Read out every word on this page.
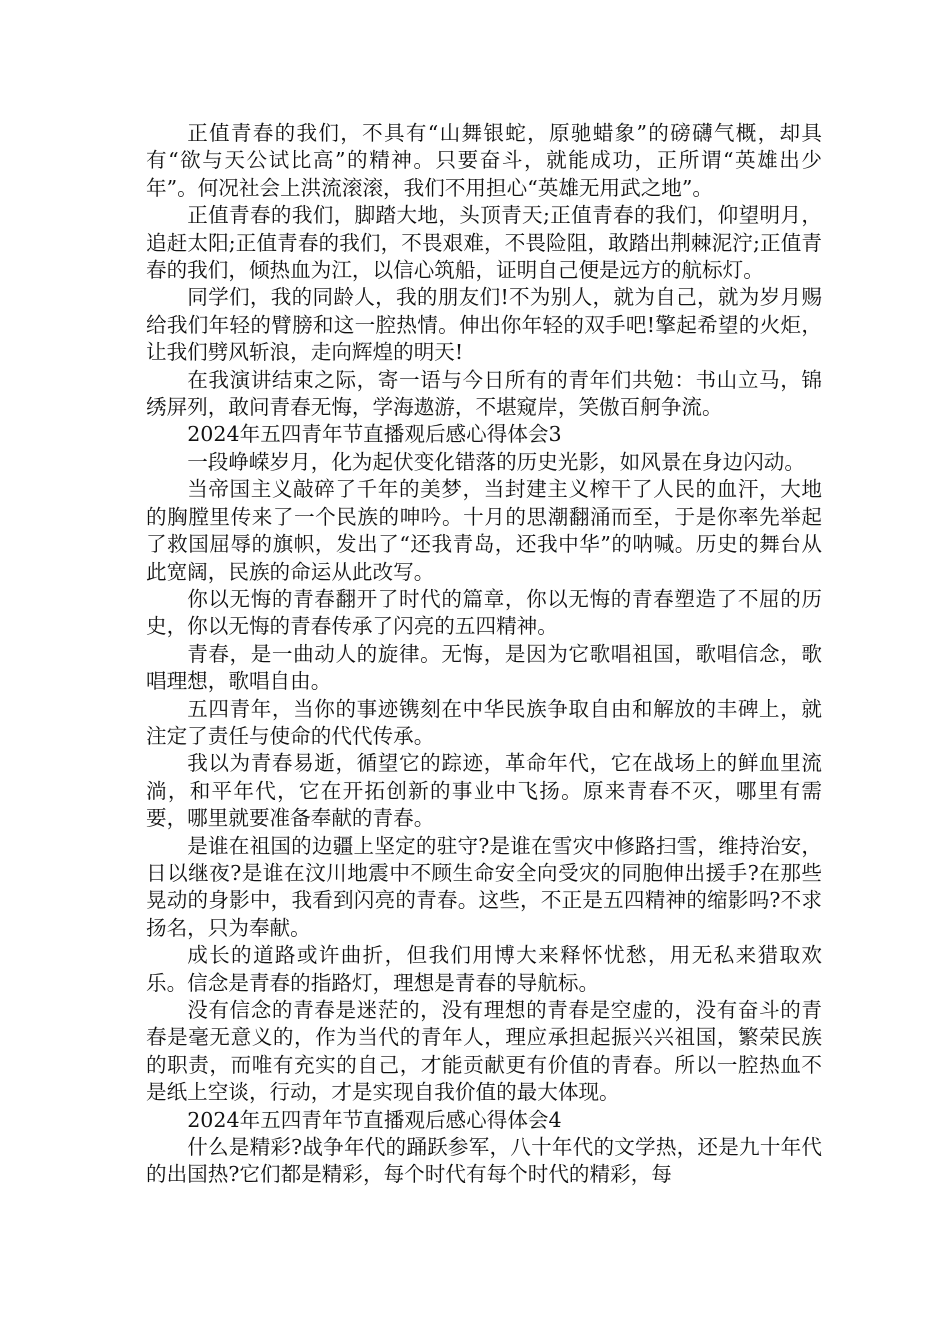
正值青春的我们，不具有“山舞银蛇，原驰蜡象”的磅礴气概，却具有“欲与天公试比高”的精神。只要奋斗，就能成功，正所谓“英雄出少年”。何况社会上洪流滚滚，我们不用担心“英雄无用武之地”。

正值青春的我们，脚踏大地，头顶青天;正值青春的我们，仰望明月，追赶太阳;正值青春的我们，不畏艰难，不畏险阻，敢踏出荆棘泥泞;正值青春的我们，倾热血为江，以信心筑船，证明自己便是远方的航标灯。

同学们，我的同龄人，我的朋友们!不为别人，就为自己，就为岁月赐给我们年轻的臂膀和这一腔热情。伸出你年轻的双手吧!擎起希望的火炬，让我们劈风斩浪，走向辉煌的明天!

在我演讲结束之际，寄一语与今日所有的青年们共勉：书山立马，锦绣屏列，敢问青春无悔，学海遨游，不堪窥岸，笑傲百舸争流。

2024年五四青年节直播观后感心得体会3

一段峥嵘岁月，化为起伏变化错落的历史光影，如风景在身边闪动。

当帝国主义敲碎了千年的美梦，当封建主义榨干了人民的血汗，大地的胸膛里传来了一个民族的呻吟。十月的思潮翻涌而至，于是你率先举起了救国屈辱的旗帜，发出了“还我青岛，还我中华”的呐喊。历史的舞台从此宽阔，民族的命运从此改写。

你以无悔的青春翻开了时代的篇章，你以无悔的青春塑造了不屈的历史，你以无悔的青春传承了闪亮的五四精神。

青春，是一曲动人的旋律。无悔，是因为它歌唱祖国，歌唱信念，歌唱理想，歌唱自由。

五四青年，当你的事迹镌刻在中华民族争取自由和解放的丰碑上，就注定了责任与使命的代代传承。

我以为青春易逝，循望它的踪迹，革命年代，它在战场上的鲜血里流淌，和平年代，它在开拓创新的事业中飞扬。原来青春不灭，哪里有需要，哪里就要准备奉献的青春。

是谁在祖国的边疆上坚定的驻守?是谁在雪灾中修路扫雪，维持治安，日以继夜?是谁在汶川地震中不顾生命安全向受灾的同胞伸出援手?在那些晃动的身影中，我看到闪亮的青春。这些，不正是五四精神的缩影吗?不求扬名，只为奉献。

成长的道路或许曲折，但我们用博大来释怀忧愁，用无私来猎取欢乐。信念是青春的指路灯，理想是青春的导航标。

没有信念的青春是迷茫的，没有理想的青春是空虚的，没有奋斗的青春是毫无意义的，作为当代的青年人，理应承担起振兴兴祖国，繁荣民族的职责，而唯有充实的自己，才能贡献更有价值的青春。所以一腔热血不是纸上空谈，行动，才是实现自我价值的最大体现。

2024年五四青年节直播观后感心得体会4

什么是精彩?战争年代的踊跃参军，八十年代的文学热，还是九十年代的出国热?它们都是精彩，每个时代有每个时代的精彩，每
